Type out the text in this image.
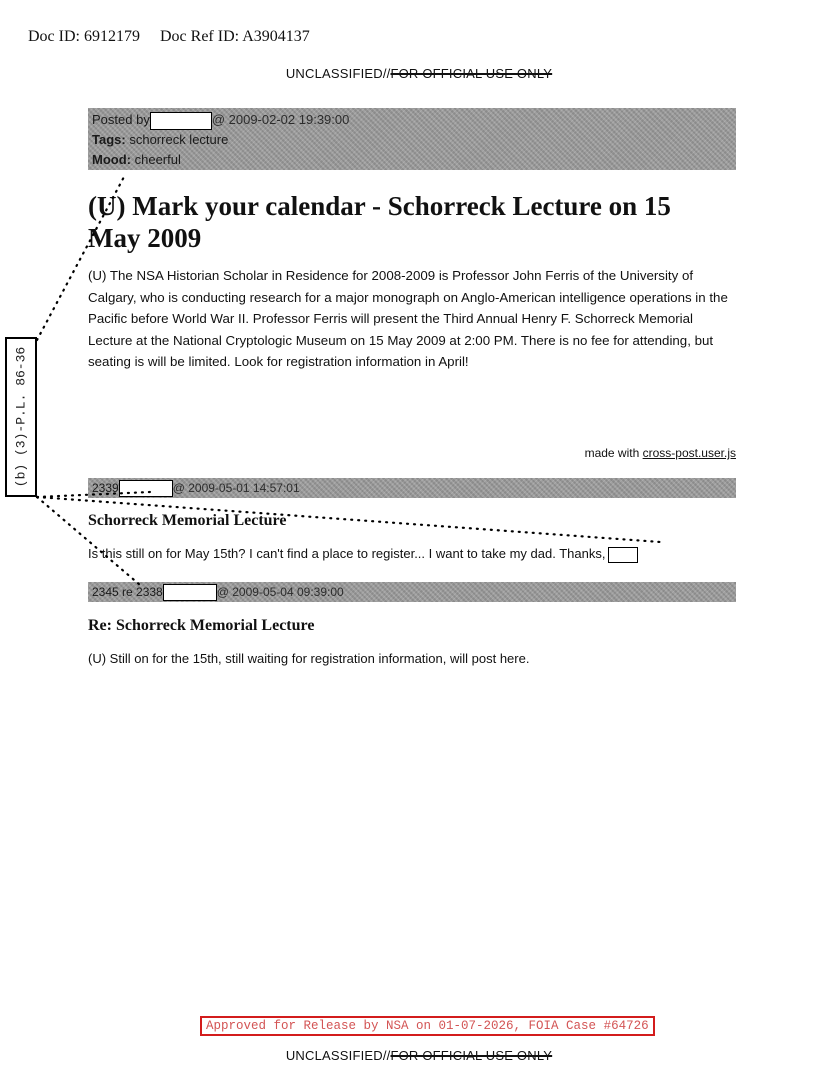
Doc ID: 6912179 Doc Ref ID: A3904137
UNCLASSIFIED//FOR OFFICIAL USE ONLY
Posted by	@ 2009-02-02 19:39:00
Tags: schorreck lecture
Mood: cheerful
(U) Mark your calendar - Schorreck Lecture on 15 May 2009

(U) The NSA Historian Scholar in Residence for 2008-2009 is Professor John Ferris of the University of Calgary, who is conducting research for a major monograph on Anglo-American intelligence operations in the Pacific before World War II. Professor Ferris will present the Third Annual Henry F. Schorreck Memorial Lecture at the National Cryptologic Museum on 15 May 2009 at 2:00 PM. There is no fee for attending, but seating is will be limited. Look for registration information in April!

made with cross-post.user.js
2339	@ 2009-05-01 14:57:01
Schorreck Memorial Lecture

Is this still on for May 15th? I can't find a place to register... I want to take my dad. Thanks,

2345 re 2338	@ 2009-05-04 09:39:00
Re: Schorreck Memorial Lecture

(U) Still on for the 15th, still waiting for registration information, will post here.

(b) (3)-P.L. 86-36
Approved for Release by NSA on 01-07-2026, FOIA Case #64726
UNCLASSIFIED//FOR OFFICIAL USE ONLY
